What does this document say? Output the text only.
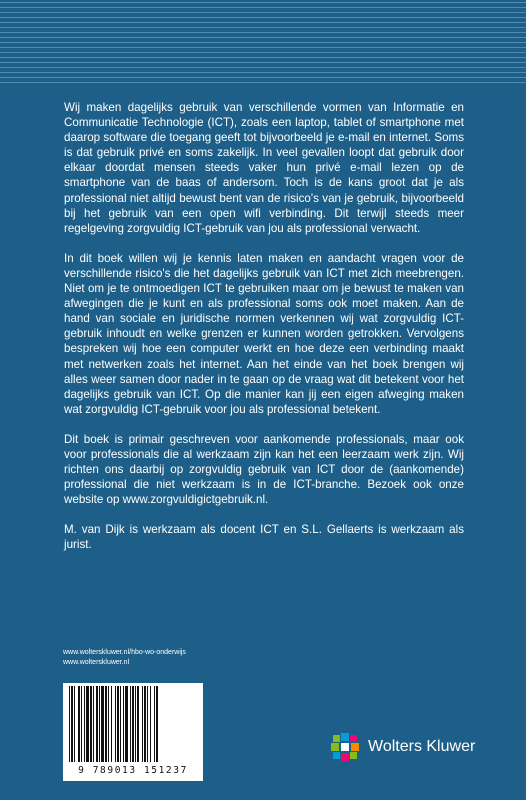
Wij maken dagelijks gebruik van verschillende vormen van Informatie en Communicatie Technologie (ICT), zoals een laptop, tablet of smartphone met daarop software die toegang geeft tot bijvoorbeeld je e-mail en internet. Soms is dat gebruik privé en soms zakelijk. In veel gevallen loopt dat gebruik door elkaar doordat mensen steeds vaker hun privé e-mail lezen op de smartphone van de baas of andersom. Toch is de kans groot dat je als professional niet altijd bewust bent van de risico's van je gebruik, bijvoorbeeld bij het gebruik van een open wifi verbinding. Dit terwijl steeds meer regelgeving zorgvuldig ICT-gebruik van jou als professional verwacht.

In dit boek willen wij je kennis laten maken en aandacht vragen voor de verschillende risico's die het dagelijks gebruik van ICT met zich meebrengen. Niet om je te ontmoedigen ICT te gebruiken maar om je bewust te maken van afwegingen die je kunt en als professional soms ook moet maken. Aan de hand van sociale en juridische normen verkennen wij wat zorgvuldig ICT-gebruik inhoudt en welke grenzen er kunnen worden getrokken. Vervolgens bespreken wij hoe een computer werkt en hoe deze een verbinding maakt met netwerken zoals het internet. Aan het einde van het boek brengen wij alles weer samen door nader in te gaan op de vraag wat dit betekent voor het dagelijks gebruik van ICT. Op die manier kan jij een eigen afweging maken wat zorgvuldig ICT-gebruik voor jou als professional betekent.

Dit boek is primair geschreven voor aankomende professionals, maar ook voor professionals die al werkzaam zijn kan het een leerzaam werk zijn. Wij richten ons daarbij op zorgvuldig gebruik van ICT door de (aankomende) professional die niet werkzaam is in de ICT-branche. Bezoek ook onze website op www.zorgvuldigictgebruik.nl.

M. van Dijk is werkzaam als docent ICT en S.L. Gellaerts is werkzaam als jurist.

www.wolterskluwer.nl/hbo-wo-onderwijs
www.wolterskluwer.nl
9 789013 151237
Wolters Kluwer
